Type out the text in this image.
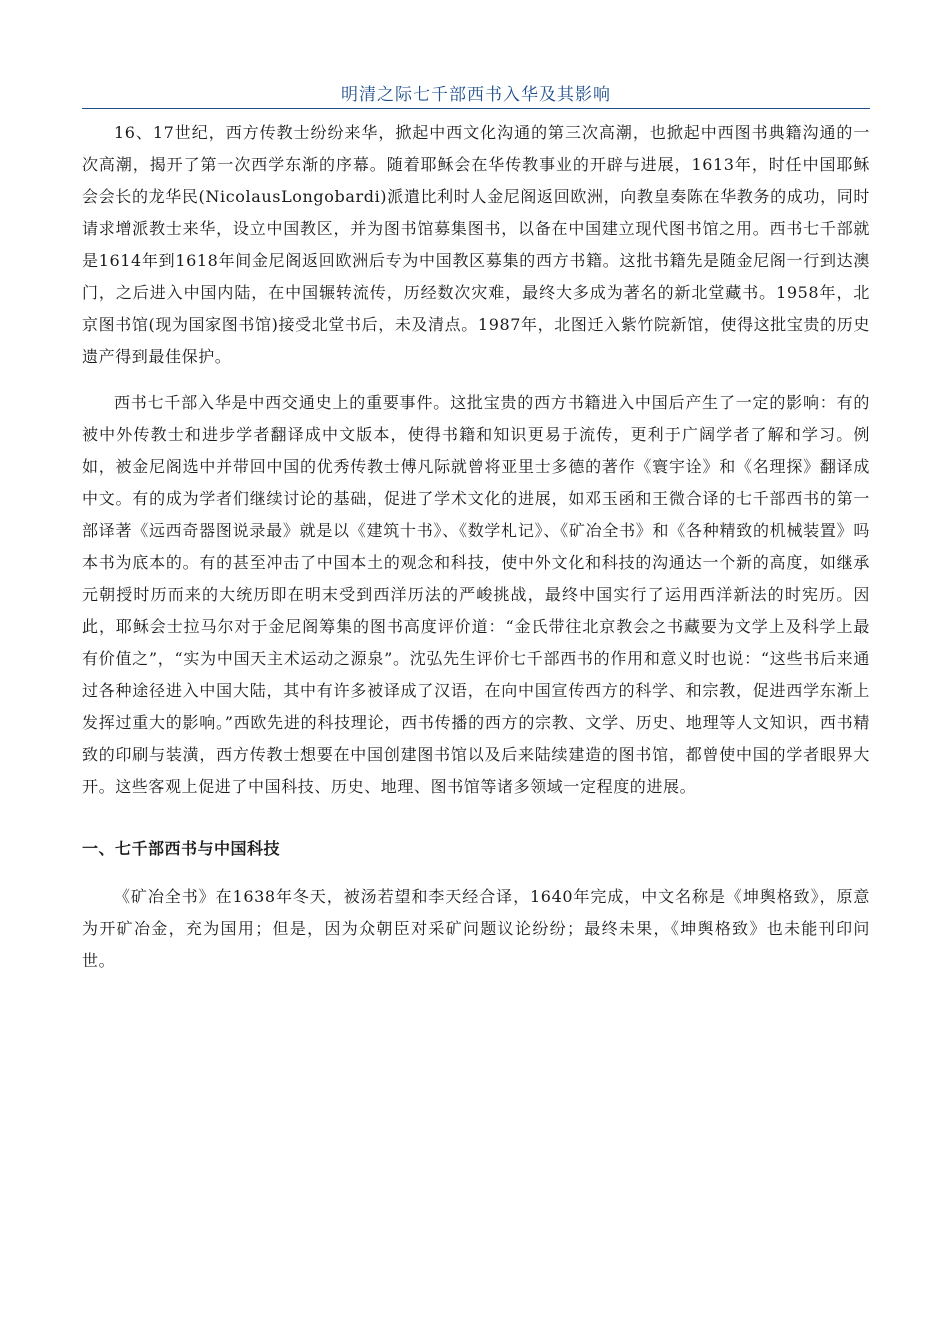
明清之际七千部西书入华及其影响

16、17世纪，西方传教士纷纷来华，掀起中西文化沟通的第三次高潮，也掀起中西图书典籍沟通的一次高潮，揭开了第一次西学东渐的序幕。随着耶稣会在华传教事业的开辟与进展，1613年，时任中国耶稣会会长的龙华民(NicolausLongobardi)派遣比利时人金尼阁返回欧洲，向教皇奏陈在华教务的成功，同时请求增派教士来华，设立中国教区，并为图书馆募集图书，以备在中国建立现代图书馆之用。西书七千部就是1614年到1618年间金尼阁返回欧洲后专为中国教区募集的西方书籍。这批书籍先是随金尼阁一行到达澳门，之后进入中国内陆，在中国辗转流传，历经数次灾难，最终大多成为著名的新北堂藏书。1958年，北京图书馆(现为国家图书馆)接受北堂书后，未及清点。1987年，北图迁入紫竹院新馆，使得这批宝贵的历史遗产得到最佳保护。

西书七千部入华是中西交通史上的重要事件。这批宝贵的西方书籍进入中国后产生了一定的影响：有的被中外传教士和进步学者翻译成中文版本，使得书籍和知识更易于流传，更利于广阔学者了解和学习。例如，被金尼阁选中并带回中国的优秀传教士傅凡际就曾将亚里士多德的著作《寰宇诠》和《名理探》翻译成中文。有的成为学者们继续讨论的基础，促进了学术文化的进展，如邓玉函和王微合译的七千部西书的第一部译著《远西奇器图说录最》就是以《建筑十书》、《数学札记》、《矿冶全书》和《各种精致的机械装置》吗本书为底本的。有的甚至冲击了中国本土的观念和科技，使中外文化和科技的沟通达一个新的高度，如继承元朝授时历而来的大统历即在明末受到西洋历法的严峻挑战，最终中国实行了运用西洋新法的时宪历。因此，耶稣会士拉马尔对于金尼阁筹集的图书高度评价道：“金氏带往北京教会之书藏要为文学上及科学上最有价值之”，“实为中国天主术运动之源泉”。沈弘先生评价七千部西书的作用和意义时也说：“这些书后来通过各种途径进入中国大陆，其中有许多被译成了汉语，在向中国宣传西方的科学、和宗教，促进西学东渐上发挥过重大的影响。”西欧先进的科技理论，西书传播的西方的宗教、文学、历史、地理等人文知识，西书精致的印刷与装潢，西方传教士想要在中国创建图书馆以及后来陆续建造的图书馆，都曾使中国的学者眼界大开。这些客观上促进了中国科技、历史、地理、图书馆等诸多领域一定程度的进展。

一、七千部西书与中国科技

《矿冶全书》在1638年冬天，被汤若望和李天经合译，1640年完成，中文名称是《坤舆格致》，原意为开矿冶金，充为国用；但是，因为众朝臣对采矿问题议论纷纷；最终未果，《坤舆格致》也未能刊印问世。
